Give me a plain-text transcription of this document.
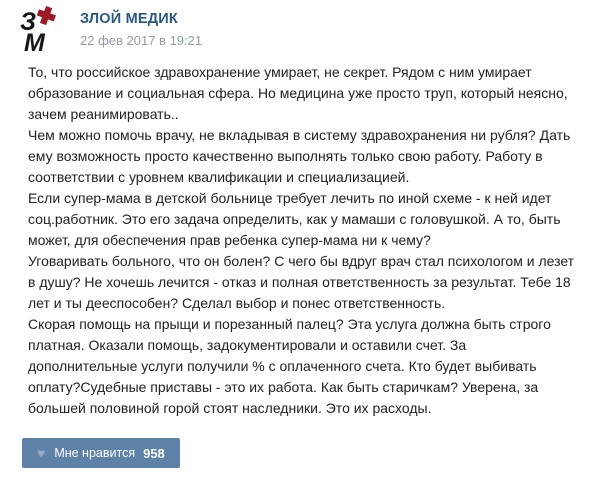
З
М
ЗЛОЙ МЕДИК
22 фев 2017 в 19:21

То, что российское здравохранение умирает, не секрет. Рядом с ним умирает образование и социальная сфера. Но медицина уже просто труп, который неясно, зачем реанимировать..

Чем можно помочь врачу, не вкладывая в систему здравохранения ни рубля? Дать ему возможность просто качественно выполнять только свою работу. Работу в соответствии с уровнем квалификации и специализацией.

Если супер-мама в детской больнице требует лечить по иной схеме - к ней идет соц.работник. Это его задача определить, как у мамаши с головушкой. А то, быть может, для обеспечения прав ребенка супер-мама ни к чему?

Уговаривать больного, что он болен? С чего бы вдруг врач стал психологом и лезет в душу? Не хочешь лечится - отказ и полная ответственность за результат. Тебе 18 лет и ты дееспособен? Сделал выбор и понес ответственность.

Скорая помощь на прыщи и порезанный палец? Эта услуга должна быть строго платная. Оказали помощь, задокументировали и оставили счет. За дополнительные услуги получили % с оплаченного счета. Кто будет выбивать оплату?Судебные приставы - это их работа. Как быть старичкам? Уверена, за большей половиной горой стоят наследники. Это их расходы.

♥ Мне нравится 958
